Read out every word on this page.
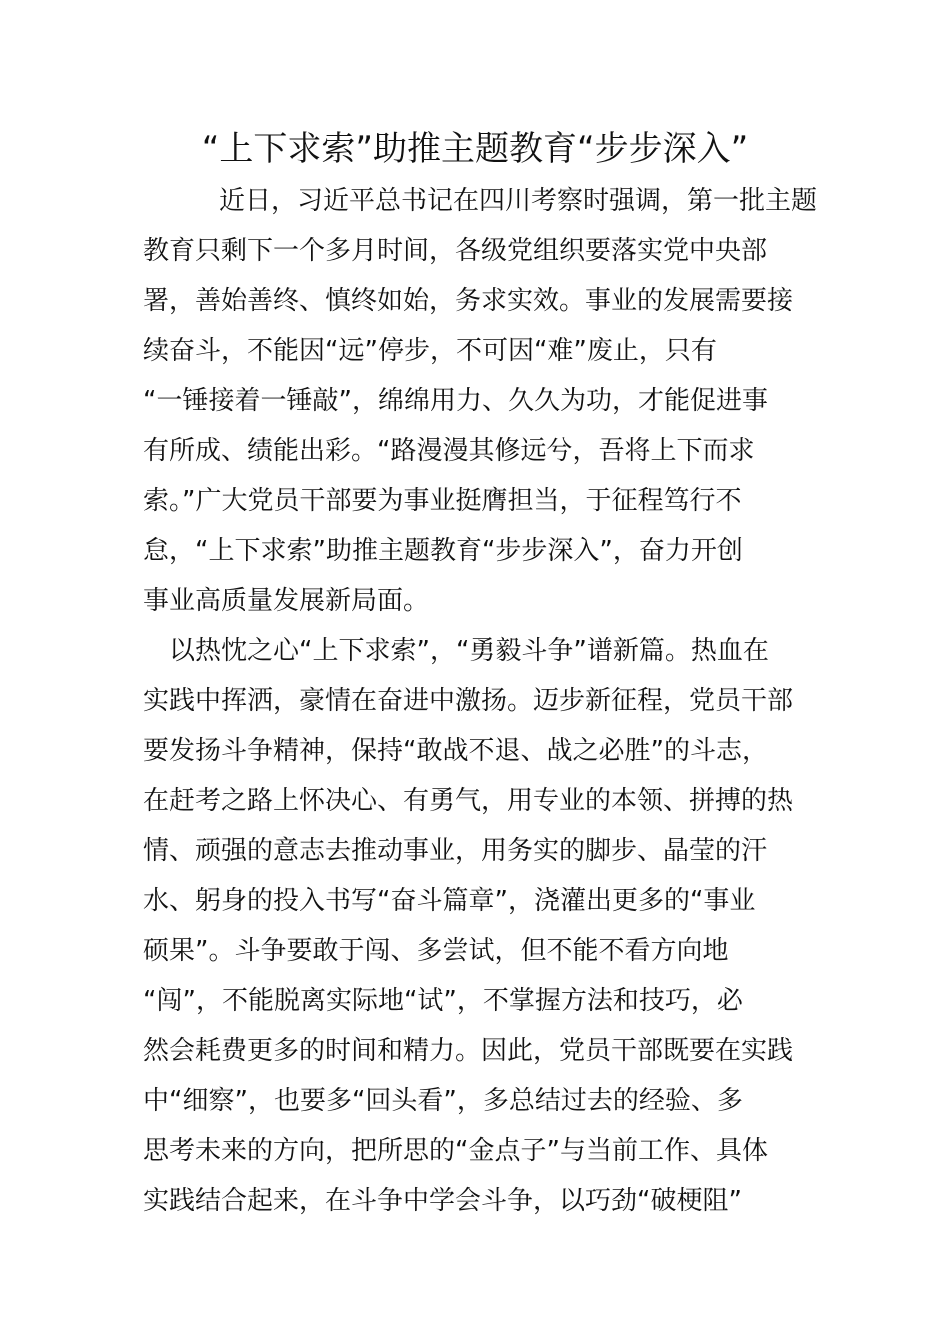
“上下求索”助推主题教育“步步深入”

近日，习近平总书记在四川考察时强调，第一批主题

教育只剩下一个多月时间，各级党组织要落实党中央部

署，善始善终、慎终如始，务求实效。事业的发展需要接

续奋斗，不能因“远”停步，不可因“难”废止，只有

“一锤接着一锤敲”，绵绵用力、久久为功，才能促进事

有所成、绩能出彩。“路漫漫其修远兮，吾将上下而求

索。”广大党员干部要为事业挺膺担当，于征程笃行不

怠，“上下求索”助推主题教育“步步深入”，奋力开创

事业高质量发展新局面。

以热忱之心“上下求索”，“勇毅斗争”谱新篇。热血在

实践中挥洒，豪情在奋进中激扬。迈步新征程，党员干部

要发扬斗争精神，保持“敢战不退、战之必胜”的斗志，

在赶考之路上怀决心、有勇气，用专业的本领、拼搏的热

情、顽强的意志去推动事业，用务实的脚步、晶莹的汗

水、躬身的投入书写“奋斗篇章”，浇灌出更多的“事业

硕果”。斗争要敢于闯、多尝试，但不能不看方向地

“闯”，不能脱离实际地“试”，不掌握方法和技巧，必

然会耗费更多的时间和精力。因此，党员干部既要在实践

中“细察”，也要多“回头看”，多总结过去的经验、多

思考未来的方向，把所思的“金点子”与当前工作、具体

实践结合起来，在斗争中学会斗争，以巧劲“破梗阻”
